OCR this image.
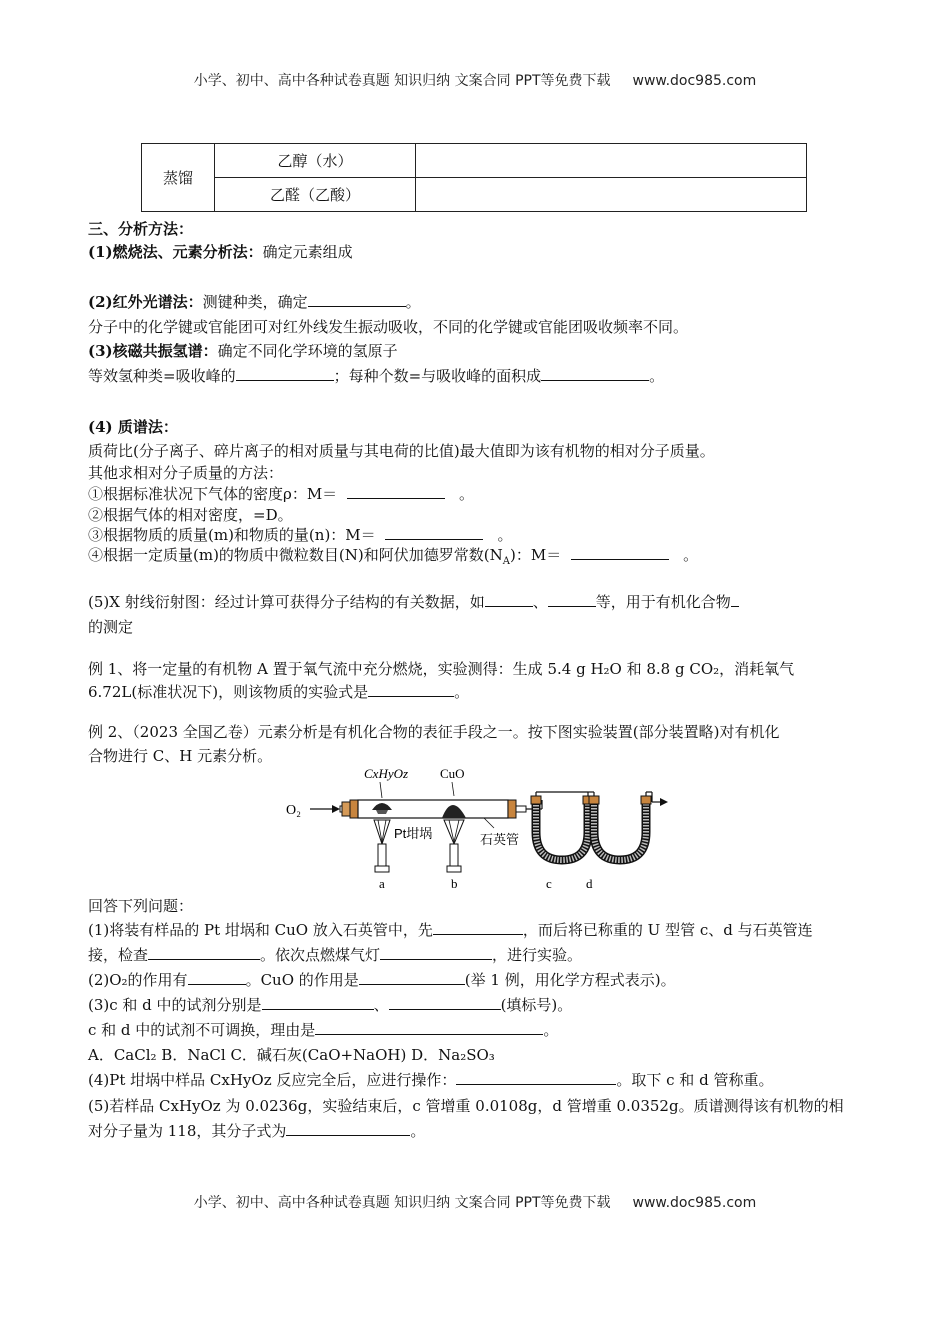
小学、初中、高中各种试卷真题 知识归纳 文案合同 PPT等免费下载 www.doc985.com
蒸馏	乙醇（水）	
	乙醛（乙酸）	
三、分析方法：
(1)燃烧法、元素分析法：确定元素组成
(2)红外光谱法：测键种类，确定	。
分子中的化学键或官能团可对红外线发生振动吸收，不同的化学键或官能团吸收频率不同。
(3)核磁共振氢谱：确定不同化学环境的氢原子
等效氢种类=吸收峰的	；每种个数=与吸收峰的面积成	。
(4) 质谱法：
质荷比(分子离子、碎片离子的相对质量与其电荷的比值)最大值即为该有机物的相对分子质量。
其他求相对分子质量的方法：
①根据标准状况下气体的密度ρ：M＝	。
②根据气体的相对密度，=D。
③根据物质的质量(m)和物质的量(n)：M＝	。
④根据一定质量(m)的物质中微粒数目(N)和阿伏加德罗常数$(N_A)$：M＝	。
(5)X 射线衍射图：经过计算可获得分子结构的有关数据，如	、	等，用于有机化合物
的测定
例 1、将一定量的有机物 A 置于氧气流中充分燃烧，实验测得：生成 5.4 g H₂O 和 8.8 g CO₂，消耗氧气
6.72L(标准状况下)，则该物质的实验式是	。
例 2、（2023 全国乙卷）元素分析是有机化合物的表征手段之一。按下图实验装置(部分装置略)对有机化
合物进行 C、H 元素分析。
O₂
CxHyOz CuO
Pt坩埚	石英管
a	b	c	d
回答下列问题：
(1)将装有样品的 Pt 坩埚和 CuO 放入石英管中，先	，而后将已称重的 U 型管 c、d 与石英管连
接，检查	。依次点燃煤气灯	，进行实验。
(2)O₂的作用有	。CuO 的作用是	(举 1 例，用化学方程式表示)。
(3)c 和 d 中的试剂分别是	、	(填标号)。
c 和 d 中的试剂不可调换，理由是	。
A．CaCl₂ B．NaCl C．碱石灰(CaO+NaOH) D．Na₂SO₃
(4)Pt 坩埚中样品 CxHyOz 反应完全后，应进行操作：	。取下 c 和 d 管称重。
(5)若样品 CxHyOz 为 0.0236g，实验结束后，c 管增重 0.0108g，d 管增重 0.0352g。质谱测得该有机物的相
对分子量为 118，其分子式为	。
小学、初中、高中各种试卷真题 知识归纳 文案合同 PPT等免费下载 www.doc985.com
